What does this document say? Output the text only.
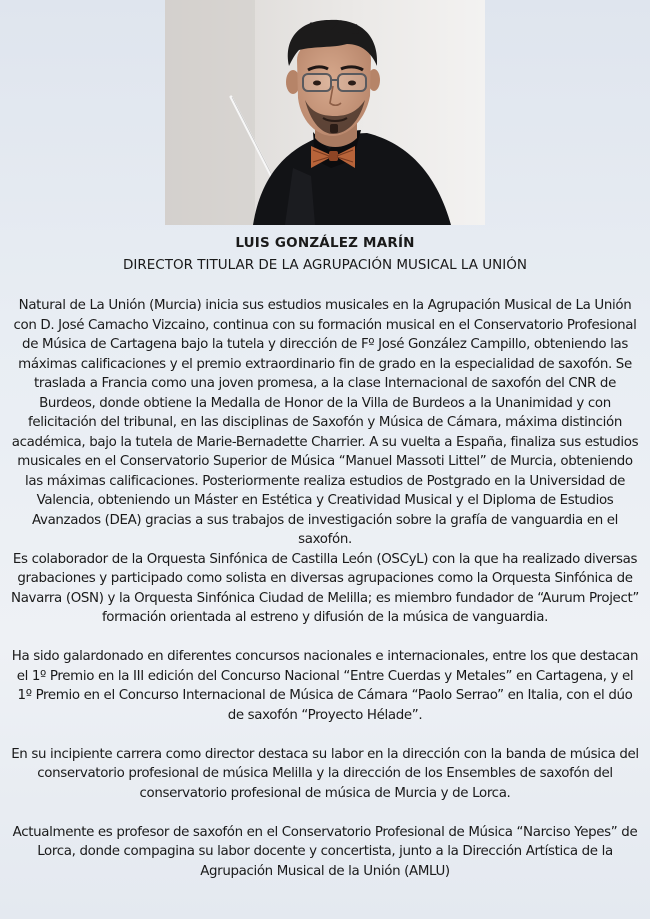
LUIS GONZÁLEZ MARÍN
DIRECTOR TITULAR DE LA AGRUPACIÓN MUSICAL LA UNIÓN

Natural de La Unión (Murcia) inicia sus estudios musicales en la Agrupación Musical de La Unión con D. José Camacho Vizcaino, continua con su formación musical en el Conservatorio Profesional de Música de Cartagena bajo la tutela y dirección de Fº José González Campillo, obteniendo las máximas calificaciones y el premio extraordinario fin de grado en la especialidad de saxofón. Se traslada a Francia como una joven promesa, a la clase Internacional de saxofón del CNR de Burdeos, donde obtiene la Medalla de Honor de la Villa de Burdeos a la Unanimidad y con felicitación del tribunal, en las disciplinas de Saxofón y Música de Cámara, máxima distinción académica, bajo la tutela de Marie-Bernadette Charrier. A su vuelta a España, finaliza sus estudios musicales en el Conservatorio Superior de Música “Manuel Massoti Littel” de Murcia, obteniendo las máximas calificaciones. Posteriormente realiza estudios de Postgrado en la Universidad de Valencia, obteniendo un Máster en Estética y Creatividad Musical y el Diploma de Estudios Avanzados (DEA) gracias a sus trabajos de investigación sobre la grafía de vanguardia en el saxofón.

Es colaborador de la Orquesta Sinfónica de Castilla León (OSCyL) con la que ha realizado diversas grabaciones y participado como solista en diversas agrupaciones como la Orquesta Sinfónica de Navarra (OSN) y la Orquesta Sinfónica Ciudad de Melilla; es miembro fundador de “Aurum Project” formación orientada al estreno y difusión de la música de vanguardia.

Ha sido galardonado en diferentes concursos nacionales e internacionales, entre los que destacan el 1º Premio en la III edición del Concurso Nacional “Entre Cuerdas y Metales” en Cartagena, y el 1º Premio en el Concurso Internacional de Música de Cámara “Paolo Serrao” en Italia, con el dúo de saxofón “Proyecto Hélade”.

En su incipiente carrera como director destaca su labor en la dirección con la banda de música del conservatorio profesional de música Melilla y la dirección de los Ensembles de saxofón del conservatorio profesional de música de Murcia y de Lorca.

Actualmente es profesor de saxofón en el Conservatorio Profesional de Música “Narciso Yepes” de Lorca, donde compagina su labor docente y concertista, junto a la Dirección Artística de la Agrupación Musical de la Unión (AMLU)
